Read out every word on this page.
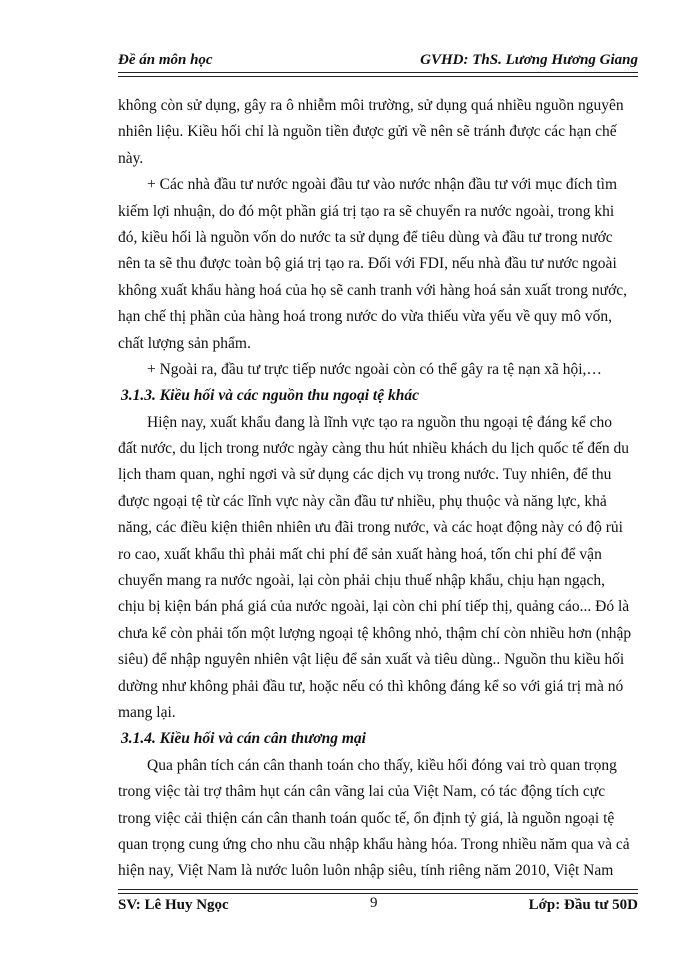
Đề án môn học	GVHD: ThS. Lương Hương Giang
không còn sử dụng, gây ra ô nhiễm môi trường, sử dụng quá nhiều nguồn nguyên
nhiên liệu. Kiều hối chỉ là nguồn tiền được gửi về nên sẽ tránh được các hạn chế
này.
+ Các nhà đầu tư nước ngoài đầu tư vào nước nhận đầu tư với mục đích tìm
kiếm lợi nhuận, do đó một phần giá trị tạo ra sẽ chuyển ra nước ngoài, trong khi
đó, kiều hối là nguồn vốn do nước ta sử dụng để tiêu dùng và đầu tư trong nước
nên ta sẽ thu được toàn bộ giá trị tạo ra. Đối với FDI, nếu nhà đầu tư nước ngoài
không xuất khẩu hàng hoá của họ sẽ canh tranh với hàng hoá sản xuất trong nước,
hạn chế thị phần của hàng hoá trong nước do vừa thiếu vừa yếu về quy mô vốn,
chất lượng sản phẩm.
+ Ngoài ra, đầu tư trực tiếp nước ngoài còn có thể gây ra tệ nạn xã hội,…
3.1.3. Kiều hối và các nguồn thu ngoại tệ khác
Hiện nay, xuất khẩu đang là lĩnh vực tạo ra nguồn thu ngoại tệ đáng kể cho
đất nước, du lịch trong nước ngày càng thu hút nhiều khách du lịch quốc tế đến du
lịch tham quan, nghỉ ngơi và sử dụng các dịch vụ trong nước. Tuy nhiên, để thu
được ngoại tệ từ các lĩnh vực này cần đầu tư nhiều, phụ thuộc và năng lực, khả
năng, các điều kiện thiên nhiên ưu đãi trong nước, và các hoạt động này có độ rủi
ro cao, xuất khẩu thì phải mất chi phí để sản xuất hàng hoá, tốn chi phí để vận
chuyển mang ra nước ngoài, lại còn phải chịu thuế nhập khẩu, chịu hạn ngạch,
chịu bị kiện bán phá giá của nước ngoài, lại còn chi phí tiếp thị, quảng cáo... Đó là
chưa kể còn phải tốn một lượng ngoại tệ không nhỏ, thậm chí còn nhiều hơn (nhập
siêu) để nhập nguyên nhiên vật liệu để sản xuất và tiêu dùng.. Nguồn thu kiều hối
dường như không phải đầu tư, hoặc nếu có thì không đáng kể so với giá trị mà nó
mang lại.
3.1.4. Kiều hối và cán cân thương mại
Qua phân tích cán cân thanh toán cho thấy, kiều hối đóng vai trò quan trọng
trong việc tài trợ thâm hụt cán cân vãng lai của Việt Nam, có tác động tích cực
trong việc cải thiện cán cân thanh toán quốc tế, ổn định tỷ giá, là nguồn ngoại tệ
quan trọng cung ứng cho nhu cầu nhập khẩu hàng hóa. Trong nhiều năm qua và cả
hiện nay, Việt Nam là nước luôn luôn nhập siêu, tính riêng năm 2010, Việt Nam
SV: Lê Huy Ngọc	9	Lớp: Đầu tư 50D
